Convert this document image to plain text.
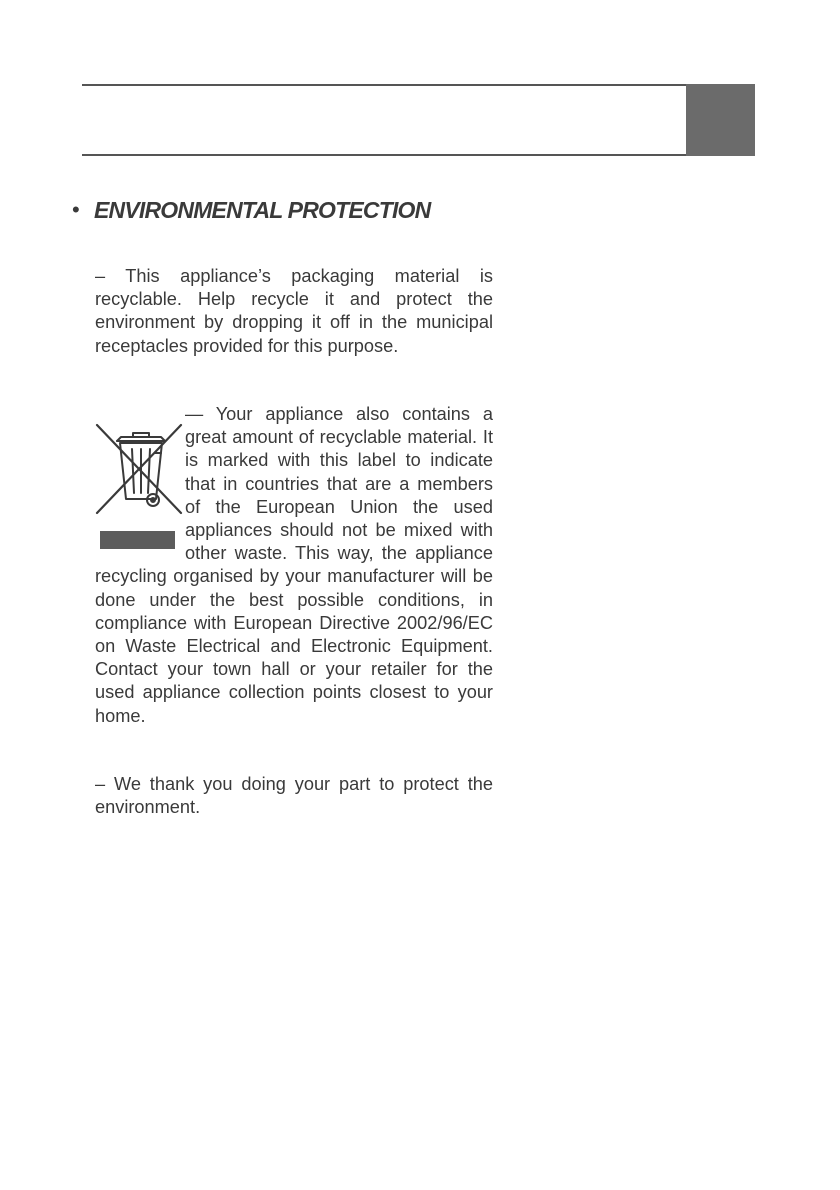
• ENVIRONMENTAL PROTECTION

– This appliance’s packaging material is recyclable. Help recycle it and protect the environment by dropping it off in the municipal receptacles provided for this purpose.

— Your appliance also contains a great amount of recyclable material. It is marked with this label to indicate that in countries that are a members of the European Union the used appliances should not be mixed with other waste. This way, the appliance recycling organised by your manufacturer will be done under the best possible conditions, in compliance with European Directive 2002/96/EC on Waste Electrical and Electronic Equipment. Contact your town hall or your retailer for the used appliance collection points closest to your home.

– We thank you doing your part to protect the environment.
